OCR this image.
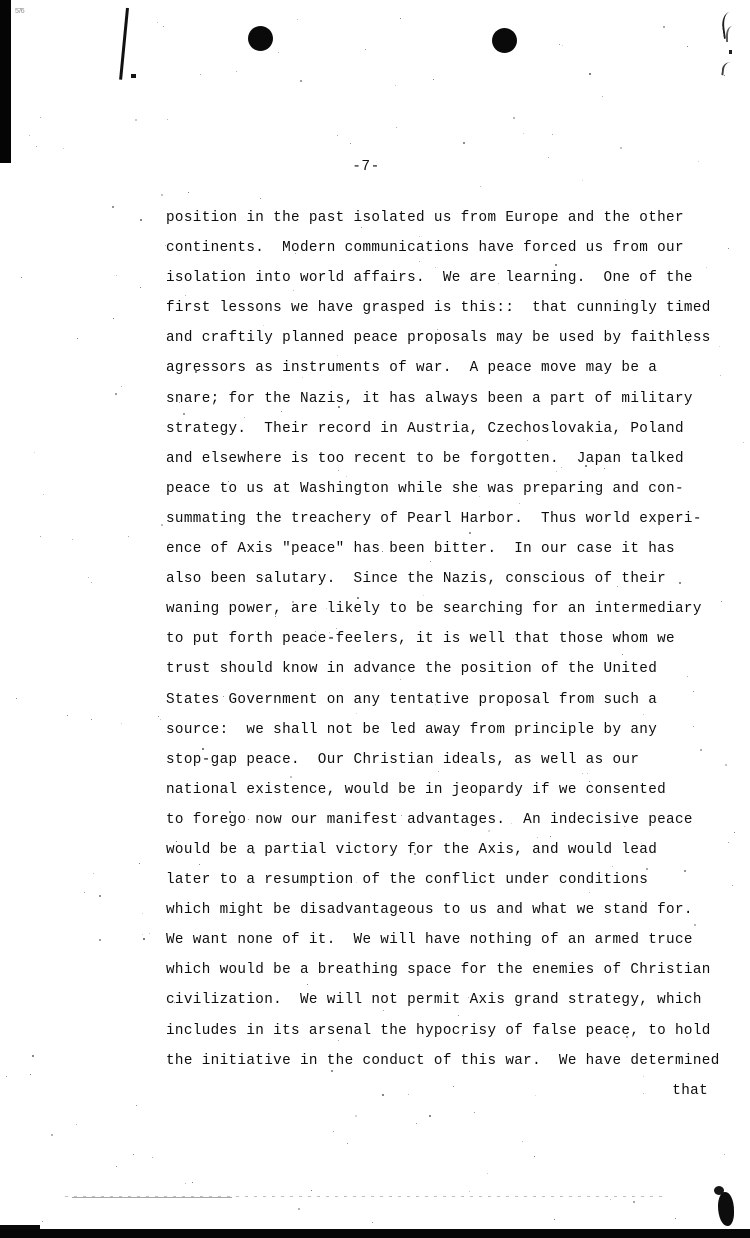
576
-7-
position in the past isolated us from Europe and the other
continents.  Modern communications have forced us from our
isolation into world affairs.  We are learning.  One of the
first lessons we have grasped is this::  that cunningly timed
and craftily planned peace proposals may be used by faithless
agressors as instruments of war.  A peace move may be a
snare; for the Nazis, it has always been a part of military
strategy.  Their record in Austria, Czechoslovakia, Poland
and elsewhere is too recent to be forgotten.  Japan talked
peace to us at Washington while she was preparing and con-
summating the treachery of Pearl Harbor.  Thus world experi-
ence of Axis "peace" has been bitter.  In our case it has
also been salutary.  Since the Nazis, conscious of their
waning power, are likely to be searching for an intermediary
to put forth peace-feelers, it is well that those whom we
trust should know in advance the position of the United
States Government on any tentative proposal from such a
source:  we shall not be led away from principle by any
stop-gap peace.  Our Christian ideals, as well as our
national existence, would be in jeopardy if we consented
to forego now our manifest advantages.  An indecisive peace
would be a partial victory for the Axis, and would lead
later to a resumption of the conflict under conditions
which might be disadvantageous to us and what we stand for.
We want none of it.  We will have nothing of an armed truce
which would be a breathing space for the enemies of Christian
civilization.  We will not permit Axis grand strategy, which
includes in its arsenal the hypocrisy of false peace, to hold
the initiative in the conduct of this war.  We have determined
that
